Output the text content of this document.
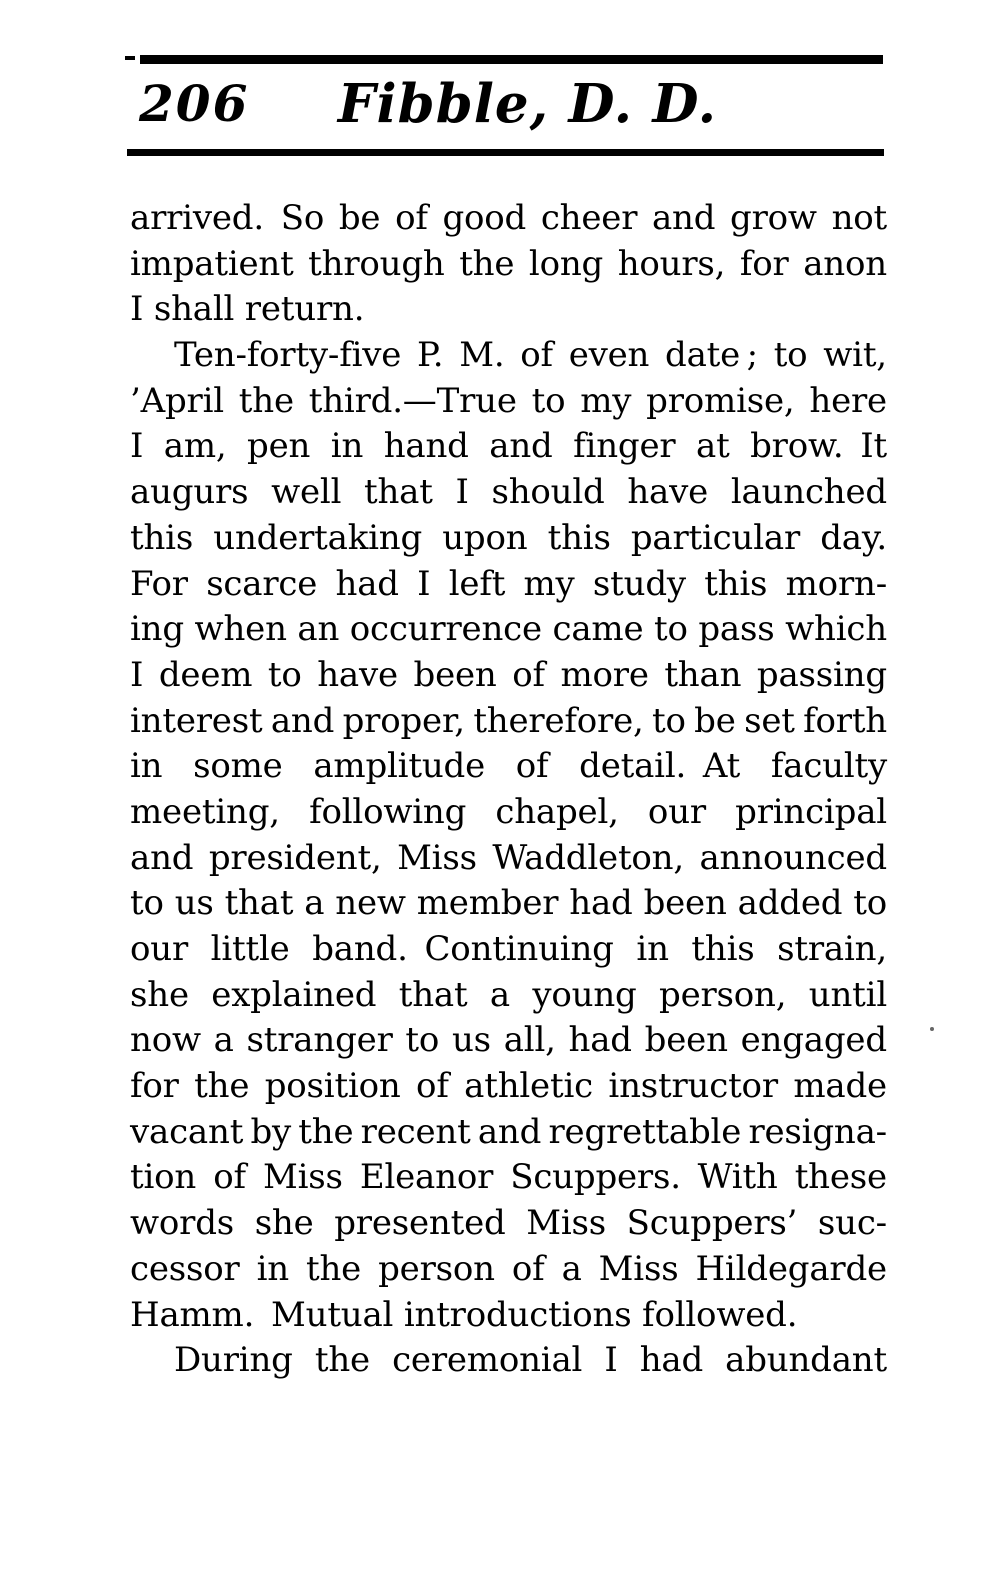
206	Fibble, D. D.
arrived. So be of good cheer and grow not
impatient through the long hours, for anon
I shall return.
Ten-forty-five P. M. of even date ; to wit,
’April the third.—True to my promise, here
I am, pen in hand and finger at brow. It
augurs well that I should have launched
this undertaking upon this particular day.
For scarce had I left my study this morn-
ing when an occurrence came to pass which
I deem to have been of more than passing
interest and proper, therefore, to be set forth
in some amplitude of detail. At faculty
meeting, following chapel, our principal
and president, Miss Waddleton, announced
to us that a new member had been added to
our little band. Continuing in this strain,
she explained that a young person, until
now a stranger to us all, had been engaged
for the position of athletic instructor made
vacant by the recent and regrettable resigna-
tion of Miss Eleanor Scuppers. With these
words she presented Miss Scuppers’ suc-
cessor in the person of a Miss Hildegarde
Hamm. Mutual introductions followed.
During the ceremonial I had abundant
